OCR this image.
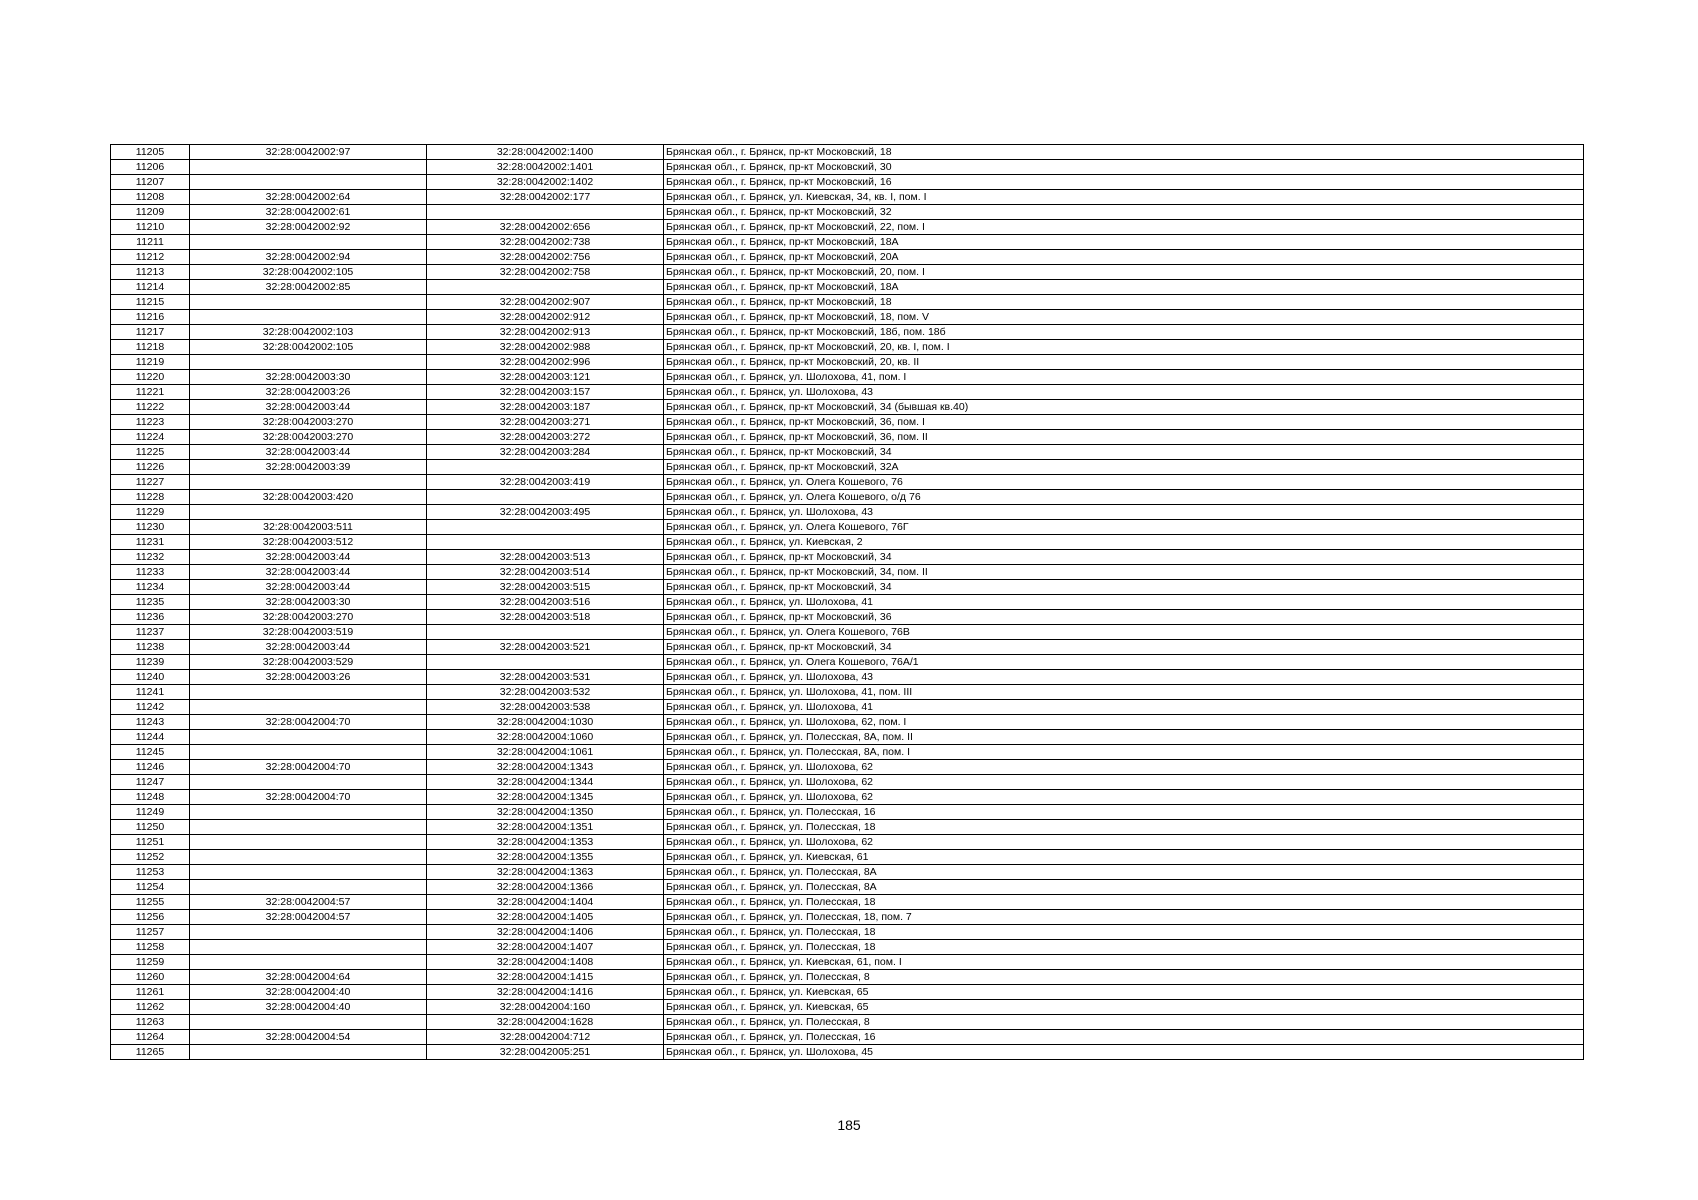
11205	32:28:0042002:97	32:28:0042002:1400	Брянская обл., г. Брянск, пр-кт Московский, 18
11206		32:28:0042002:1401	Брянская обл., г. Брянск, пр-кт Московский, 30
11207		32:28:0042002:1402	Брянская обл., г. Брянск, пр-кт Московский, 16
11208	32:28:0042002:64	32:28:0042002:177	Брянская обл., г. Брянск, ул. Киевская, 34, кв. I, пом. I
11209	32:28:0042002:61		Брянская обл., г. Брянск, пр-кт Московский, 32
11210	32:28:0042002:92	32:28:0042002:656	Брянская обл., г. Брянск, пр-кт Московский, 22, пом. I
11211		32:28:0042002:738	Брянская обл., г. Брянск, пр-кт Московский, 18А
11212	32:28:0042002:94	32:28:0042002:756	Брянская обл., г. Брянск, пр-кт Московский, 20А
11213	32:28:0042002:105	32:28:0042002:758	Брянская обл., г. Брянск, пр-кт Московский, 20, пом. I
11214	32:28:0042002:85		Брянская обл., г. Брянск, пр-кт Московский, 18А
11215		32:28:0042002:907	Брянская обл., г. Брянск, пр-кт Московский, 18
11216		32:28:0042002:912	Брянская обл., г. Брянск, пр-кт Московский, 18, пом. V
11217	32:28:0042002:103	32:28:0042002:913	Брянская обл., г. Брянск, пр-кт Московский, 18б, пом. 18б
11218	32:28:0042002:105	32:28:0042002:988	Брянская обл., г. Брянск, пр-кт Московский, 20, кв. I, пом. I
11219		32:28:0042002:996	Брянская обл., г. Брянск, пр-кт Московский, 20, кв. II
11220	32:28:0042003:30	32:28:0042003:121	Брянская обл., г. Брянск, ул. Шолохова, 41, пом. I
11221	32:28:0042003:26	32:28:0042003:157	Брянская обл., г. Брянск, ул. Шолохова, 43
11222	32:28:0042003:44	32:28:0042003:187	Брянская обл., г. Брянск, пр-кт Московский, 34 (бывшая кв.40)
11223	32:28:0042003:270	32:28:0042003:271	Брянская обл., г. Брянск, пр-кт Московский, 36, пом. I
11224	32:28:0042003:270	32:28:0042003:272	Брянская обл., г. Брянск, пр-кт Московский, 36, пом. II
11225	32:28:0042003:44	32:28:0042003:284	Брянская обл., г. Брянск, пр-кт Московский, 34
11226	32:28:0042003:39		Брянская обл., г. Брянск, пр-кт Московский, 32А
11227		32:28:0042003:419	Брянская обл., г. Брянск, ул. Олега Кошевого, 76
11228	32:28:0042003:420		Брянская обл., г. Брянск, ул. Олега Кошевого, о/д 76
11229		32:28:0042003:495	Брянская обл., г. Брянск, ул. Шолохова, 43
11230	32:28:0042003:511		Брянская обл., г. Брянск, ул. Олега Кошевого, 76Г
11231	32:28:0042003:512		Брянская обл., г. Брянск, ул. Киевская, 2
11232	32:28:0042003:44	32:28:0042003:513	Брянская обл., г. Брянск, пр-кт Московский, 34
11233	32:28:0042003:44	32:28:0042003:514	Брянская обл., г. Брянск, пр-кт Московский, 34, пом. II
11234	32:28:0042003:44	32:28:0042003:515	Брянская обл., г. Брянск, пр-кт Московский, 34
11235	32:28:0042003:30	32:28:0042003:516	Брянская обл., г. Брянск, ул. Шолохова, 41
11236	32:28:0042003:270	32:28:0042003:518	Брянская обл., г. Брянск, пр-кт Московский, 36
11237	32:28:0042003:519		Брянская обл., г. Брянск, ул. Олега Кошевого, 76В
11238	32:28:0042003:44	32:28:0042003:521	Брянская обл., г. Брянск, пр-кт Московский, 34
11239	32:28:0042003:529		Брянская обл., г. Брянск, ул. Олега Кошевого, 76А/1
11240	32:28:0042003:26	32:28:0042003:531	Брянская обл., г. Брянск, ул. Шолохова, 43
11241		32:28:0042003:532	Брянская обл., г. Брянск, ул. Шолохова, 41, пом. III
11242		32:28:0042003:538	Брянская обл., г. Брянск, ул. Шолохова, 41
11243	32:28:0042004:70	32:28:0042004:1030	Брянская обл., г. Брянск, ул. Шолохова, 62, пом. I
11244		32:28:0042004:1060	Брянская обл., г. Брянск, ул. Полесская, 8А, пом. II
11245		32:28:0042004:1061	Брянская обл., г. Брянск, ул. Полесская, 8А, пом. I
11246	32:28:0042004:70	32:28:0042004:1343	Брянская обл., г. Брянск, ул. Шолохова, 62
11247		32:28:0042004:1344	Брянская обл., г. Брянск, ул. Шолохова, 62
11248	32:28:0042004:70	32:28:0042004:1345	Брянская обл., г. Брянск, ул. Шолохова, 62
11249		32:28:0042004:1350	Брянская обл., г. Брянск, ул. Полесская, 16
11250		32:28:0042004:1351	Брянская обл., г. Брянск, ул. Полесская, 18
11251		32:28:0042004:1353	Брянская обл., г. Брянск, ул. Шолохова, 62
11252		32:28:0042004:1355	Брянская обл., г. Брянск, ул. Киевская, 61
11253		32:28:0042004:1363	Брянская обл., г. Брянск, ул. Полесская, 8А
11254		32:28:0042004:1366	Брянская обл., г. Брянск, ул. Полесская, 8А
11255	32:28:0042004:57	32:28:0042004:1404	Брянская обл., г. Брянск, ул. Полесская, 18
11256	32:28:0042004:57	32:28:0042004:1405	Брянская обл., г. Брянск, ул. Полесская, 18, пом. 7
11257		32:28:0042004:1406	Брянская обл., г. Брянск, ул. Полесская, 18
11258		32:28:0042004:1407	Брянская обл., г. Брянск, ул. Полесская, 18
11259		32:28:0042004:1408	Брянская обл., г. Брянск, ул. Киевская, 61, пом. I
11260	32:28:0042004:64	32:28:0042004:1415	Брянская обл., г. Брянск, ул. Полесская, 8
11261	32:28:0042004:40	32:28:0042004:1416	Брянская обл., г. Брянск, ул. Киевская, 65
11262	32:28:0042004:40	32:28:0042004:160	Брянская обл., г. Брянск, ул. Киевская, 65
11263		32:28:0042004:1628	Брянская обл., г. Брянск, ул. Полесская, 8
11264	32:28:0042004:54	32:28:0042004:712	Брянская обл., г. Брянск, ул. Полесская, 16
11265		32:28:0042005:251	Брянская обл., г. Брянск, ул. Шолохова, 45
185
